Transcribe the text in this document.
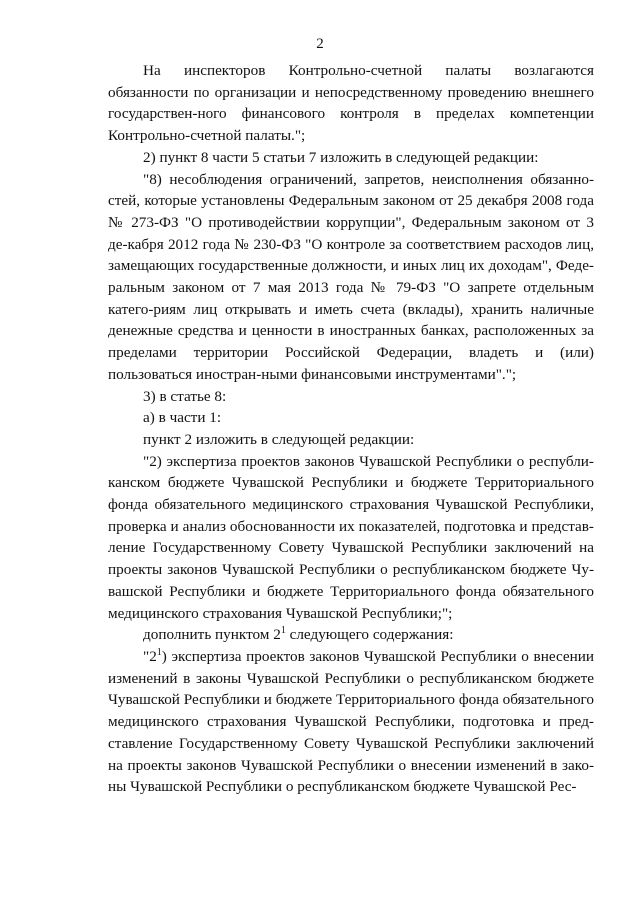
2

На инспекторов Контрольно-счетной палаты возлагаются обязанности по организации и непосредственному проведению внешнего государствен-ного финансового контроля в пределах компетенции Контрольно-счетной палаты.";

2) пункт 8 части 5 статьи 7 изложить в следующей редакции:

"8) несоблюдения ограничений, запретов, неисполнения обязанно-стей, которые установлены Федеральным законом от 25 декабря 2008 года № 273-ФЗ "О противодействии коррупции", Федеральным законом от 3 де-кабря 2012 года № 230-ФЗ "О контроле за соответствием расходов лиц, замещающих государственные должности, и иных лиц их доходам", Феде-ральным законом от 7 мая 2013 года № 79-ФЗ "О запрете отдельным катего-риям лиц открывать и иметь счета (вклады), хранить наличные денежные средства и ценности в иностранных банках, расположенных за пределами территории Российской Федерации, владеть и (или) пользоваться иностран-ными финансовыми инструментами".";

3) в статье 8:

а) в части 1:

пункт 2 изложить в следующей редакции:

"2) экспертиза проектов законов Чувашской Республики о республи-канском бюджете Чувашской Республики и бюджете Территориального фонда обязательного медицинского страхования Чувашской Республики, проверка и анализ обоснованности их показателей, подготовка и представ-ление Государственному Совету Чувашской Республики заключений на проекты законов Чувашской Республики о республиканском бюджете Чу-вашской Республики и бюджете Территориального фонда обязательного медицинского страхования Чувашской Республики;";

дополнить пунктом $2^1$ следующего содержания:

"$2^1$) экспертиза проектов законов Чувашской Республики о внесении изменений в законы Чувашской Республики о республиканском бюджете Чувашской Республики и бюджете Территориального фонда обязательного медицинского страхования Чувашской Республики, подготовка и пред-ставление Государственному Совету Чувашской Республики заключений на проекты законов Чувашской Республики о внесении изменений в зако-ны Чувашской Республики о республиканском бюджете Чувашской Рес-
